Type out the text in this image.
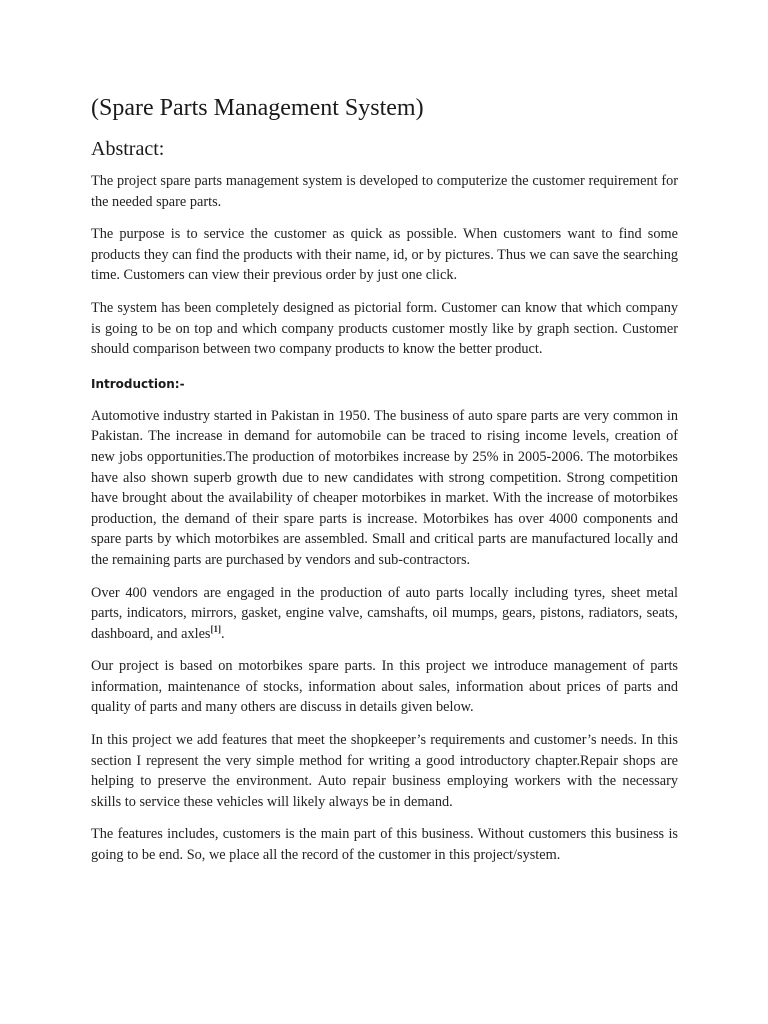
(Spare Parts Management System)
Abstract:

The project spare parts management system is developed to computerize the customer requirement for the needed spare parts.

The purpose is to service the customer as quick as possible. When customers want to find some products they can find the products with their name, id, or by pictures. Thus we can save the searching time. Customers can view their previous order by just one click.

The system has been completely designed as pictorial form. Customer can know that which company is going to be on top and which company products customer mostly like by graph section. Customer should comparison between two company products to know the better product.

Introduction:-

Automotive industry started in Pakistan in 1950. The business of auto spare parts are very common in Pakistan. The increase in demand for automobile can be traced to rising income levels, creation of new jobs opportunities.The production of motorbikes increase by 25% in 2005-2006. The motorbikes have also shown superb growth due to new candidates with strong competition. Strong competition have brought about the availability of cheaper motorbikes in market. With the increase of motorbikes production, the demand of their spare parts is increase. Motorbikes has over 4000 components and spare parts by which motorbikes are assembled. Small and critical parts are manufactured locally and the remaining parts are purchased by vendors and sub-contractors.

Over 400 vendors are engaged in the production of auto parts locally including tyres, sheet metal parts, indicators, mirrors, gasket, engine valve, camshafts, oil mumps, gears, pistons, radiators, seats, dashboard, and axles[1].

Our project is based on motorbikes spare parts. In this project we introduce management of parts information, maintenance of stocks, information about sales, information about prices of parts and quality of parts and many others are discuss in details given below.

In this project we add features that meet the shopkeeper’s requirements and customer’s needs. In this section I represent the very simple method for writing a good introductory chapter.Repair shops are helping to preserve the environment. Auto repair business employing workers with the necessary skills to service these vehicles will likely always be in demand.

The features includes, customers is the main part of this business. Without customers this business is going to be end. So, we place all the record of the customer in this project/system.
